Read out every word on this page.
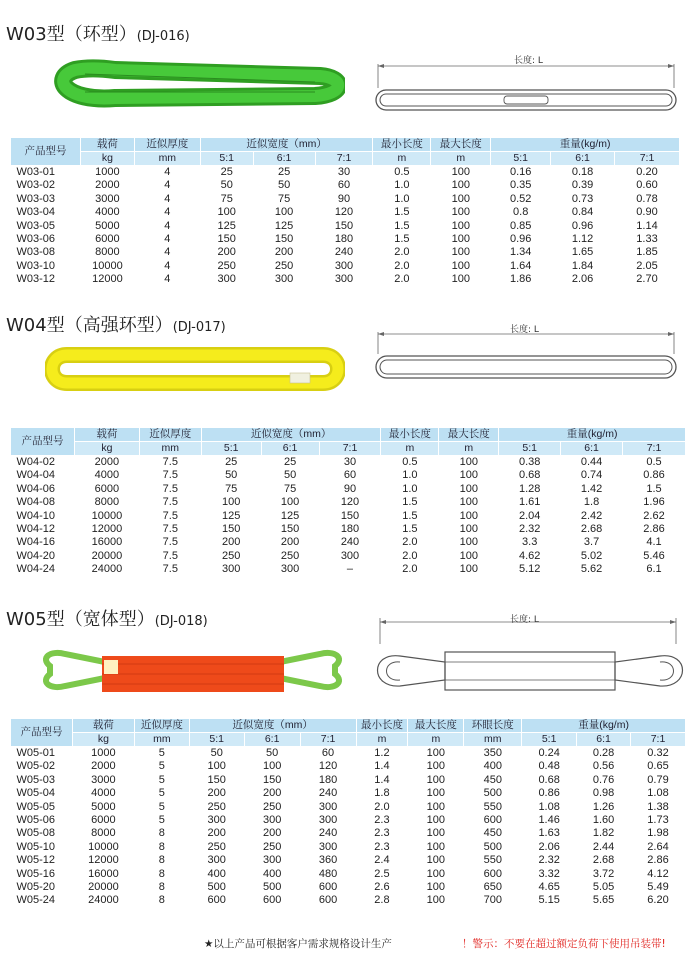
W03型（环型）(DJ-016)
长度: L
产品型号	载荷	近似厚度	近似宽度（mm）			最小长度	最大长度	重量(kg/m)		
	kg	mm	5:1	6:1	7:1	m	m	5:1	6:1	7:1
W03-01	1000	4	25	25	30	0.5	100	0.16	0.18	0.20
W03-02	2000	4	50	50	60	1.0	100	0.35	0.39	0.60
W03-03	3000	4	75	75	90	1.0	100	0.52	0.73	0.78
W03-04	4000	4	100	100	120	1.5	100	0.8	0.84	0.90
W03-05	5000	4	125	125	150	1.5	100	0.85	0.96	1.14
W03-06	6000	4	150	150	180	1.5	100	0.96	1.12	1.33
W03-08	8000	4	200	200	240	2.0	100	1.34	1.65	1.85
W03-10	10000	4	250	250	300	2.0	100	1.64	1.84	2.05
W03-12	12000	4	300	300	300	2.0	100	1.86	2.06	2.70
W04型（高强环型）(DJ-017)	长度: L
产品型号	载荷	近似厚度	近似宽度（mm）			最小长度	最大长度	重量(kg/m)		
	kg	mm	5:1	6:1	7:1	m	m	5:1	6:1	7:1
W04-02	2000	7.5	25	25	30	0.5	100	0.38	0.44	0.5
W04-04	4000	7.5	50	50	60	1.0	100	0.68	0.74	0.86
W04-06	6000	7.5	75	75	90	1.0	100	1.28	1.42	1.5
W04-08	8000	7.5	100	100	120	1.5	100	1.61	1.8	1.96
W04-10	10000	7.5	125	125	150	1.5	100	2.04	2.42	2.62
W04-12	12000	7.5	150	150	180	1.5	100	2.32	2.68	2.86
W04-16	16000	7.5	200	200	240	2.0	100	3.3	3.7	4.1
W04-20	20000	7.5	250	250	300	2.0	100	4.62	5.02	5.46
W04-24	24000	7.5	300	300	–	2.0	100	5.12	5.62	6.1
W05型（宽体型）(DJ-018)	长度: L
产品型号	载荷	近似厚度	近似宽度（mm）			最小长度	最大长度	环眼长度	重量(kg/m)		
	kg	mm	5:1	6:1	7:1	m	m	mm	5:1	6:1	7:1
W05-01	1000	5	50	50	60	1.2	100	350	0.24	0.28	0.32
W05-02	2000	5	100	100	120	1.4	100	400	0.48	0.56	0.65
W05-03	3000	5	150	150	180	1.4	100	450	0.68	0.76	0.79
W05-04	4000	5	200	200	240	1.8	100	500	0.86	0.98	1.08
W05-05	5000	5	250	250	300	2.0	100	550	1.08	1.26	1.38
W05-06	6000	5	300	300	300	2.3	100	600	1.46	1.60	1.73
W05-08	8000	8	200	200	240	2.3	100	450	1.63	1.82	1.98
W05-10	10000	8	250	250	300	2.3	100	500	2.06	2.44	2.64
W05-12	12000	8	300	300	360	2.4	100	550	2.32	2.68	2.86
W05-16	16000	8	400	400	480	2.5	100	600	3.32	3.72	4.12
W05-20	20000	8	500	500	600	2.6	100	650	4.65	5.05	5.49
W05-24	24000	8	600	600	600	2.8	100	700	5.15	5.65	6.20
★以上产品可根据客户需求规格设计生产	！警示：不要在超过额定负荷下使用吊装带!
